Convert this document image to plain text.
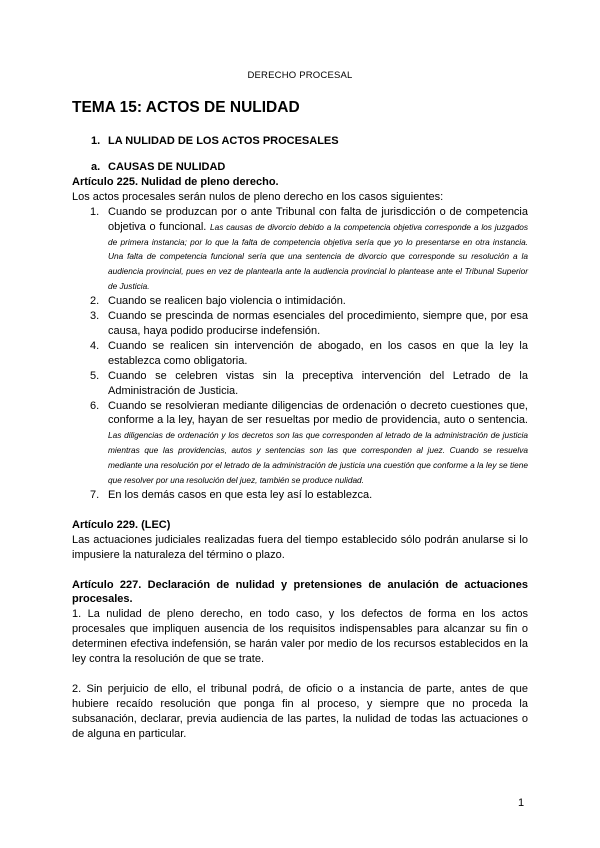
DERECHO PROCESAL
TEMA 15: ACTOS DE NULIDAD
1. LA NULIDAD DE LOS ACTOS PROCESALES
a. CAUSAS DE NULIDAD

Artículo 225. Nulidad de pleno derecho.

Los actos procesales serán nulos de pleno derecho en los casos siguientes:

1. Cuando se produzcan por o ante Tribunal con falta de jurisdicción o de competencia objetiva o funcional. Las causas de divorcio debido a la competencia objetiva corresponde a los juzgados de primera instancia; por lo que la falta de competencia objetiva sería que yo lo presentarse en otra instancia. Una falta de competencia funcional sería que una sentencia de divorcio que corresponde su resolución a la audiencia provincial, pues en vez de plantearla ante la audiencia provincial lo plantease ante el Tribunal Superior de Justicia.
2. Cuando se realicen bajo violencia o intimidación.
3. Cuando se prescinda de normas esenciales del procedimiento, siempre que, por esa causa, haya podido producirse indefensión.
4. Cuando se realicen sin intervención de abogado, en los casos en que la ley la establezca como obligatoria.
5. Cuando se celebren vistas sin la preceptiva intervención del Letrado de la Administración de Justicia.
6. Cuando se resolvieran mediante diligencias de ordenación o decreto cuestiones que, conforme a la ley, hayan de ser resueltas por medio de providencia, auto o sentencia. Las diligencias de ordenación y los decretos son las que corresponden al letrado de la administración de justicia mientras que las providencias, autos y sentencias son las que corresponden al juez. Cuando se resuelva mediante una resolución por el letrado de la administración de justicia una cuestión que conforme a la ley se tiene que resolver por una resolución del juez, también se produce nulidad.
7. En los demás casos en que esta ley así lo establezca.

Artículo 229. (LEC)

Las actuaciones judiciales realizadas fuera del tiempo establecido sólo podrán anularse si lo impusiere la naturaleza del término o plazo.

Artículo 227. Declaración de nulidad y pretensiones de anulación de actuaciones procesales.

1. La nulidad de pleno derecho, en todo caso, y los defectos de forma en los actos procesales que impliquen ausencia de los requisitos indispensables para alcanzar su fin o determinen efectiva indefensión, se harán valer por medio de los recursos establecidos en la ley contra la resolución de que se trate.

2. Sin perjuicio de ello, el tribunal podrá, de oficio o a instancia de parte, antes de que hubiere recaído resolución que ponga fin al proceso, y siempre que no proceda la subsanación, declarar, previa audiencia de las partes, la nulidad de todas las actuaciones o de alguna en particular.

1
